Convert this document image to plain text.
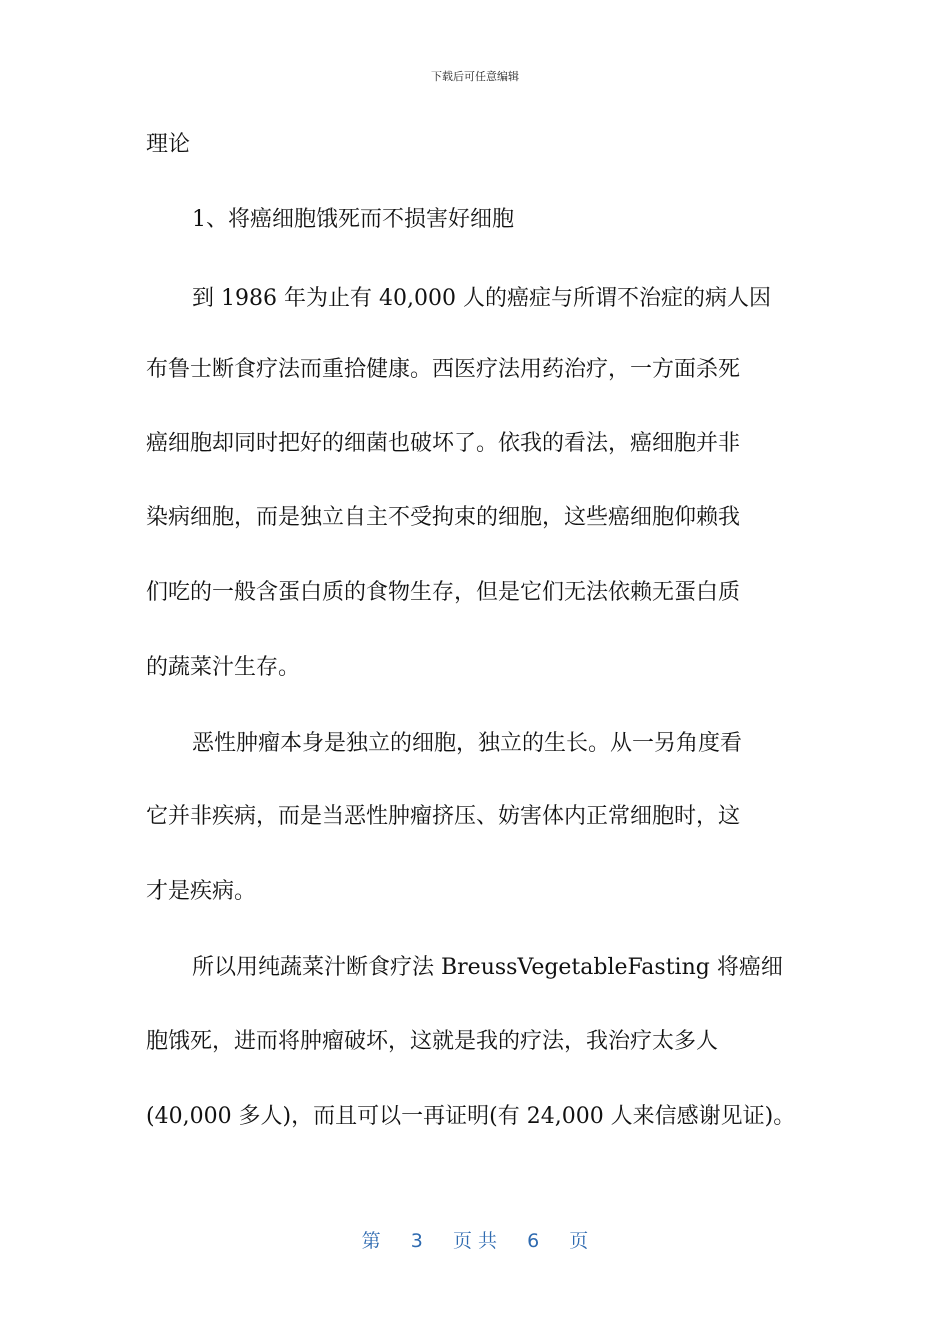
下载后可任意编辑
理论
1、将癌细胞饿死而不损害好细胞
到 1986 年为止有 40,000 人的癌症与所谓不治症的病人因
布鲁士断食疗法而重拾健康。西医疗法用药治疗，一方面杀死
癌细胞却同时把好的细菌也破坏了。依我的看法，癌细胞并非
染病细胞，而是独立自主不受拘束的细胞，这些癌细胞仰赖我
们吃的一般含蛋白质的食物生存，但是它们无法依赖无蛋白质
的蔬菜汁生存。
恶性肿瘤本身是独立的细胞，独立的生长。从一另角度看
它并非疾病，而是当恶性肿瘤挤压、妨害体内正常细胞时，这
才是疾病。
所以用纯蔬菜汁断食疗法 BreussVegetableFasting 将癌细
胞饿死，进而将肿瘤破坏，这就是我的疗法，我治疗太多人
(40,000 多人)，而且可以一再证明(有 24,000 人来信感谢见证)。
第 3 页 共 6 页
